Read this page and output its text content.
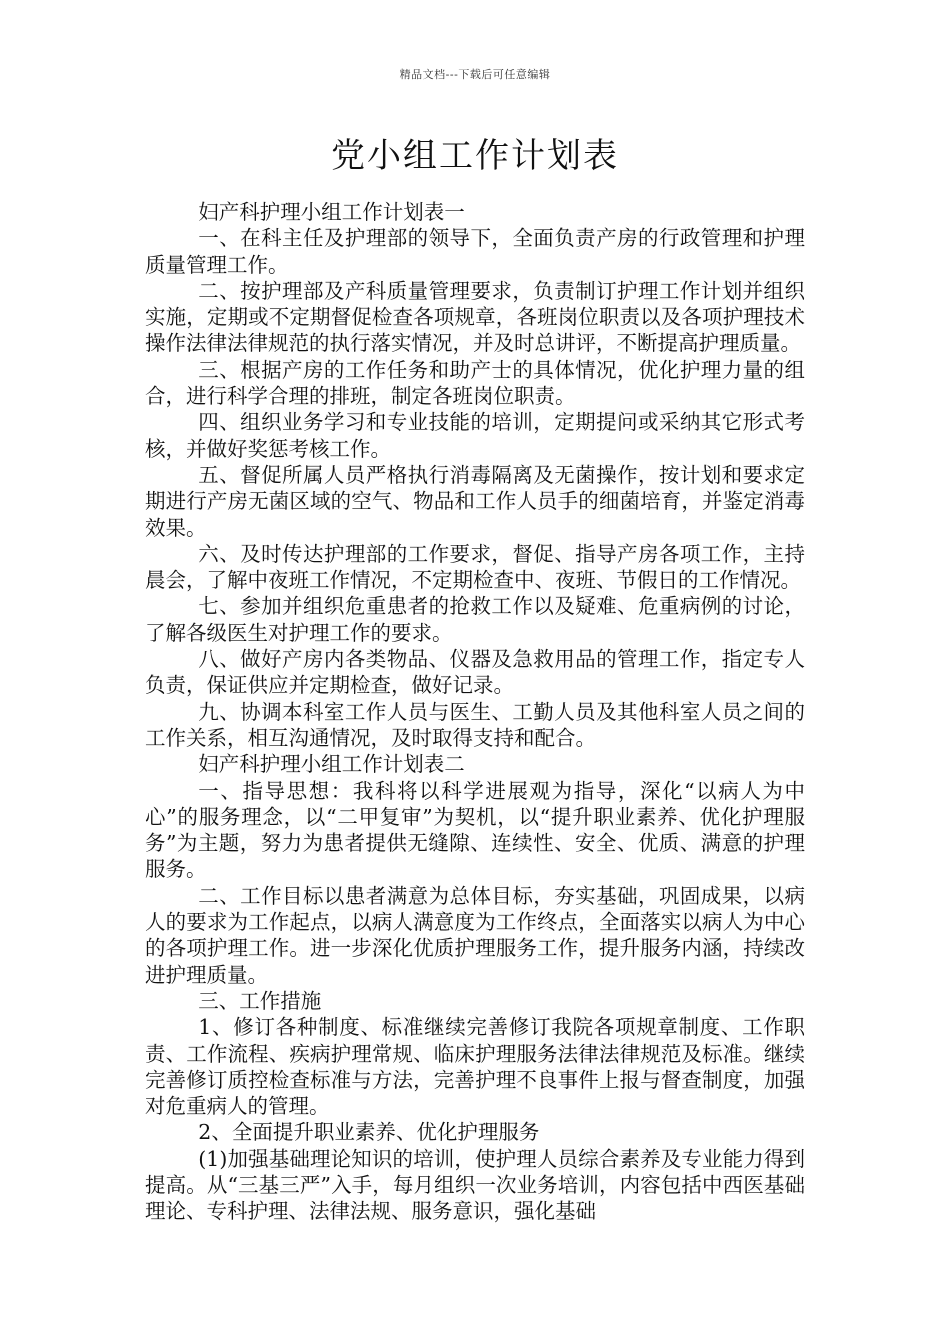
精品文档---下载后可任意编辑
党小组工作计划表

妇产科护理小组工作计划表一

一、在科主任及护理部的领导下，全面负责产房的行政管理和护理质量管理工作。

二、按护理部及产科质量管理要求，负责制订护理工作计划并组织实施，定期或不定期督促检查各项规章，各班岗位职责以及各项护理技术操作法律法律规范的执行落实情况，并及时总讲评，不断提高护理质量。

三、根据产房的工作任务和助产士的具体情况，优化护理力量的组合，进行科学合理的排班，制定各班岗位职责。

四、组织业务学习和专业技能的培训，定期提问或采纳其它形式考核，并做好奖惩考核工作。

五、督促所属人员严格执行消毒隔离及无菌操作，按计划和要求定期进行产房无菌区域的空气、物品和工作人员手的细菌培育，并鉴定消毒效果。

六、及时传达护理部的工作要求，督促、指导产房各项工作，主持晨会，了解中夜班工作情况，不定期检查中、夜班、节假日的工作情况。

七、参加并组织危重患者的抢救工作以及疑难、危重病例的讨论，了解各级医生对护理工作的要求。

八、做好产房内各类物品、仪器及急救用品的管理工作，指定专人负责，保证供应并定期检查，做好记录。

九、协调本科室工作人员与医生、工勤人员及其他科室人员之间的工作关系，相互沟通情况，及时取得支持和配合。

妇产科护理小组工作计划表二

一、指导思想：我科将以科学进展观为指导，深化“以病人为中心”的服务理念，以“二甲复审”为契机，以“提升职业素养、优化护理服务”为主题，努力为患者提供无缝隙、连续性、安全、优质、满意的护理服务。

二、工作目标以患者满意为总体目标，夯实基础，巩固成果，以病人的要求为工作起点，以病人满意度为工作终点，全面落实以病人为中心的各项护理工作。进一步深化优质护理服务工作，提升服务内涵，持续改进护理质量。

三、工作措施

1、修订各种制度、标准继续完善修订我院各项规章制度、工作职责、工作流程、疾病护理常规、临床护理服务法律法律规范及标准。继续完善修订质控检查标准与方法，完善护理不良事件上报与督查制度，加强对危重病人的管理。

2、全面提升职业素养、优化护理服务

(1)加强基础理论知识的培训，使护理人员综合素养及专业能力得到提高。从“三基三严”入手，每月组织一次业务培训，内容包括中西医基础理论、专科护理、法律法规、服务意识，强化基础
